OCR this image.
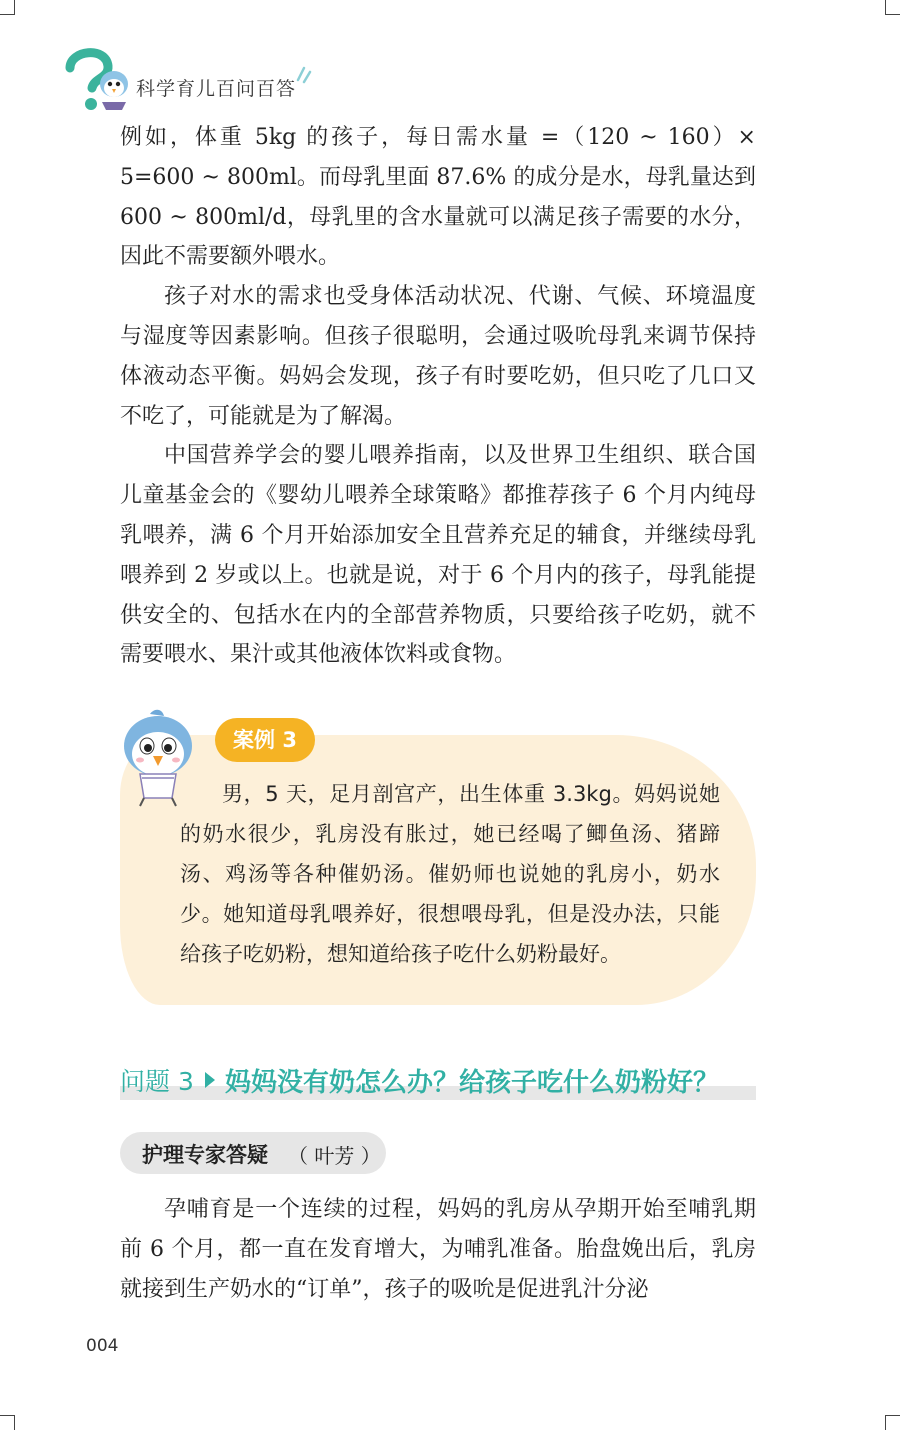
科学育儿百问百答

例如，体重 5kg 的孩子，每日需水量 =（120 ~ 160）× 5=600 ~ 800ml。而母乳里面 87.6% 的成分是水，母乳量达到 600 ~ 800ml/d，母乳里的含水量就可以满足孩子需要的水分，因此不需要额外喂水。

孩子对水的需求也受身体活动状况、代谢、气候、环境温度与湿度等因素影响。但孩子很聪明，会通过吸吮母乳来调节保持体液动态平衡。妈妈会发现，孩子有时要吃奶，但只吃了几口又不吃了，可能就是为了解渴。

中国营养学会的婴儿喂养指南，以及世界卫生组织、联合国儿童基金会的《婴幼儿喂养全球策略》都推荐孩子 6 个月内纯母乳喂养，满 6 个月开始添加安全且营养充足的辅食，并继续母乳喂养到 2 岁或以上。也就是说，对于 6 个月内的孩子，母乳能提供安全的、包括水在内的全部营养物质，只要给孩子吃奶，就不需要喂水、果汁或其他液体饮料或食物。

案例 3

男，5 天，足月剖宫产，出生体重 3.3kg。妈妈说她的奶水很少，乳房没有胀过，她已经喝了鲫鱼汤、猪蹄汤、鸡汤等各种催奶汤。催奶师也说她的乳房小，奶水少。她知道母乳喂养好，很想喂母乳，但是没办法，只能给孩子吃奶粉，想知道给孩子吃什么奶粉最好。

问题 3 妈妈没有奶怎么办？给孩子吃什么奶粉好？
护理专家答疑 （ 叶芳 ）

孕哺育是一个连续的过程，妈妈的乳房从孕期开始至哺乳期前 6 个月，都一直在发育增大，为哺乳准备。胎盘娩出后，乳房就接到生产奶水的“订单”，孩子的吸吮是促进乳汁分泌

004
